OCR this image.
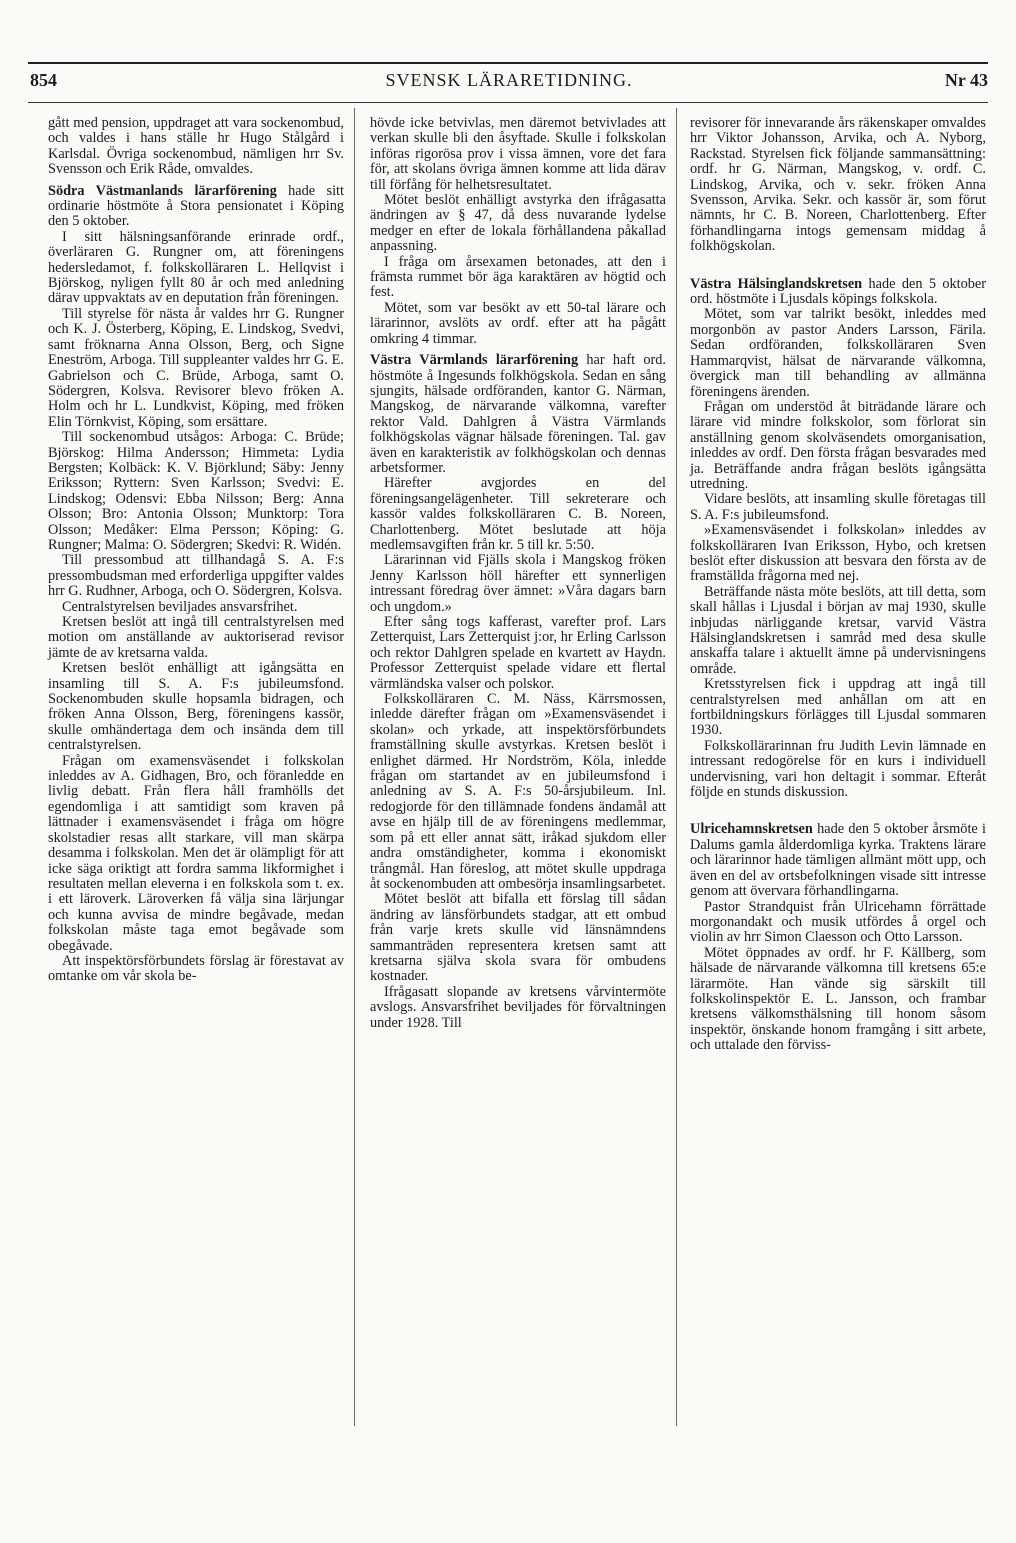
854	SVENSK LÄRARETIDNING.	Nr 43

gått med pension, uppdraget att vara sockenombud, och valdes i hans ställe hr Hugo Stålgård i Karlsdal. Övriga sockenombud, nämligen hrr Sv. Svensson och Erik Råde, omvaldes.

Södra Västmanlands lärarförening hade sitt ordinarie höstmöte å Stora pensionatet i Köping den 5 oktober.

I sitt hälsningsanförande erinrade ordf., överläraren G. Rungner om, att föreningens hedersledamot, f. folkskolläraren L. Hellqvist i Björskog, nyligen fyllt 80 år och med anledning därav uppvaktats av en deputation från föreningen.

Till styrelse för nästa år valdes hrr G. Rungner och K. J. Österberg, Köping, E. Lindskog, Svedvi, samt fröknarna Anna Olsson, Berg, och Signe Eneström, Arboga. Till suppleanter valdes hrr G. E. Gabrielson och C. Brüde, Arboga, samt O. Södergren, Kolsva. Revisorer blevo fröken A. Holm och hr L. Lundkvist, Köping, med fröken Elin Törnkvist, Köping, som ersättare.

Till sockenombud utsågos: Arboga: C. Brüde; Björskog: Hilma Andersson; Himmeta: Lydia Bergsten; Kolbäck: K. V. Björklund; Säby: Jenny Eriksson; Ryttern: Sven Karlsson; Svedvi: E. Lindskog; Odensvi: Ebba Nilsson; Berg: Anna Olsson; Bro: Antonia Olsson; Munktorp: Tora Olsson; Medåker: Elma Persson; Köping: G. Rungner; Malma: O. Södergren; Skedvi: R. Widén.

Till pressombud att tillhandagå S. A. F:s pressombudsman med erforderliga uppgifter valdes hrr G. Rudhner, Arboga, och O. Södergren, Kolsva.

Centralstyrelsen beviljades ansvarsfrihet.

Kretsen beslöt att ingå till centralstyrelsen med motion om anställande av auktoriserad revisor jämte de av kretsarna valda.

Kretsen beslöt enhälligt att igångsätta en insamling till S. A. F:s jubileumsfond. Sockenombuden skulle hopsamla bidragen, och fröken Anna Olsson, Berg, föreningens kassör, skulle omhändertaga dem och insända dem till centralstyrelsen.

Frågan om examensväsendet i folkskolan inleddes av A. Gidhagen, Bro, och föranledde en livlig debatt. Från flera håll framhölls det egendomliga i att samtidigt som kraven på lättnader i examensväsendet i fråga om högre skolstadier resas allt starkare, vill man skärpa desamma i folkskolan. Men det är olämpligt för att icke säga oriktigt att fordra samma likformighet i resultaten mellan eleverna i en folkskola som t. ex. i ett läroverk. Läroverken få välja sina lärjungar och kunna avvisa de mindre begåvade, medan folkskolan måste taga emot begåvade som obegåvade.

Att inspektörsförbundets förslag är förestavat av omtanke om vår skola be-

hövde icke betvivlas, men däremot betvivlades att verkan skulle bli den åsyftade. Skulle i folkskolan införas rigorösa prov i vissa ämnen, vore det fara för, att skolans övriga ämnen komme att lida därav till förfång för helhetsresultatet.

Mötet beslöt enhälligt avstyrka den ifrågasatta ändringen av § 47, då dess nuvarande lydelse medger en efter de lokala förhållandena påkallad anpassning.

I fråga om årsexamen betonades, att den i främsta rummet bör äga karaktären av högtid och fest.

Mötet, som var besökt av ett 50-tal lärare och lärarinnor, avslöts av ordf. efter att ha pågått omkring 4 timmar.

Västra Värmlands lärarförening har haft ord. höstmöte å Ingesunds folkhögskola. Sedan en sång sjungits, hälsade ordföranden, kantor G. Närman, Mangskog, de närvarande välkomna, varefter rektor Vald. Dahlgren å Västra Värmlands folkhögskolas vägnar hälsade föreningen. Tal. gav även en karakteristik av folkhögskolan och dennas arbetsformer.

Härefter avgjordes en del föreningsangelägenheter. Till sekreterare och kassör valdes folkskolläraren C. B. Noreen, Charlottenberg. Mötet beslutade att höja medlemsavgiften från kr. 5 till kr. 5:50.

Lärarinnan vid Fjälls skola i Mangskog fröken Jenny Karlsson höll härefter ett synnerligen intressant föredrag över ämnet: »Våra dagars barn och ungdom.»

Efter sång togs kafferast, varefter prof. Lars Zetterquist, Lars Zetterquist j:or, hr Erling Carlsson och rektor Dahlgren spelade en kvartett av Haydn. Professor Zetterquist spelade vidare ett flertal värmländska valser och polskor.

Folkskolläraren C. M. Näss, Kärrsmossen, inledde därefter frågan om »Examensväsendet i skolan» och yrkade, att inspektörsförbundets framställning skulle avstyrkas. Kretsen beslöt i enlighet därmed. Hr Nordström, Köla, inledde frågan om startandet av en jubileumsfond i anledning av S. A. F:s 50-årsjubileum. Inl. redogjorde för den tillämnade fondens ändamål att avse en hjälp till de av föreningens medlemmar, som på ett eller annat sätt, iråkad sjukdom eller andra omständigheter, komma i ekonomiskt trångmål. Han föreslog, att mötet skulle uppdraga åt sockenombuden att ombesörja insamlingsarbetet.

Mötet beslöt att bifalla ett förslag till sådan ändring av länsförbundets stadgar, att ett ombud från varje krets skulle vid länsnämndens sammanträden representera kretsen samt att kretsarna själva skola svara för ombudens kostnader.

Ifrågasatt slopande av kretsens vårvintermöte avslogs. Ansvarsfrihet beviljades för förvaltningen under 1928. Till

revisorer för innevarande års räkenskaper omvaldes hrr Viktor Johansson, Arvika, och A. Nyborg, Rackstad. Styrelsen fick följande sammansättning: ordf. hr G. Närman, Mangskog, v. ordf. C. Lindskog, Arvika, och v. sekr. fröken Anna Svensson, Arvika. Sekr. och kassör är, som förut nämnts, hr C. B. Noreen, Charlottenberg. Efter förhandlingarna intogs gemensam middag å folkhögskolan.

Västra Hälsinglandskretsen hade den 5 oktober ord. höstmöte i Ljusdals köpings folkskola.

Mötet, som var talrikt besökt, inleddes med morgonbön av pastor Anders Larsson, Färila. Sedan ordföranden, folkskolläraren Sven Hammarqvist, hälsat de närvarande välkomna, övergick man till behandling av allmänna föreningens ärenden.

Frågan om understöd åt biträdande lärare och lärare vid mindre folkskolor, som förlorat sin anställning genom skolväsendets omorganisation, inleddes av ordf. Den första frågan besvarades med ja. Beträffande andra frågan beslöts igångsätta utredning.

Vidare beslöts, att insamling skulle företagas till S. A. F:s jubileumsfond.

»Examensväsendet i folkskolan» inleddes av folkskolläraren Ivan Eriksson, Hybo, och kretsen beslöt efter diskussion att besvara den första av de framställda frågorna med nej.

Beträffande nästa möte beslöts, att till detta, som skall hållas i Ljusdal i början av maj 1930, skulle inbjudas närliggande kretsar, varvid Västra Hälsinglandskretsen i samråd med desa skulle anskaffa talare i aktuellt ämne på undervisningens område.

Kretsstyrelsen fick i uppdrag att ingå till centralstyrelsen med anhållan om att en fortbildningskurs förlägges till Ljusdal sommaren 1930.

Folkskollärarinnan fru Judith Levin lämnade en intressant redogörelse för en kurs i individuell undervisning, vari hon deltagit i sommar. Efteråt följde en stunds diskussion.

Ulricehamnskretsen hade den 5 oktober årsmöte i Dalums gamla ålderdomliga kyrka. Traktens lärare och lärarinnor hade tämligen allmänt mött upp, och även en del av ortsbefolkningen visade sitt intresse genom att övervara förhandlingarna.

Pastor Strandquist från Ulricehamn förrättade morgonandakt och musik utfördes å orgel och violin av hrr Simon Claesson och Otto Larsson.

Mötet öppnades av ordf. hr F. Källberg, som hälsade de närvarande välkomna till kretsens 65:e lärarmöte. Han vände sig särskilt till folkskolinspektör E. L. Jansson, och frambar kretsens välkomsthälsning till honom såsom inspektör, önskande honom framgång i sitt arbete, och uttalade den förviss-
